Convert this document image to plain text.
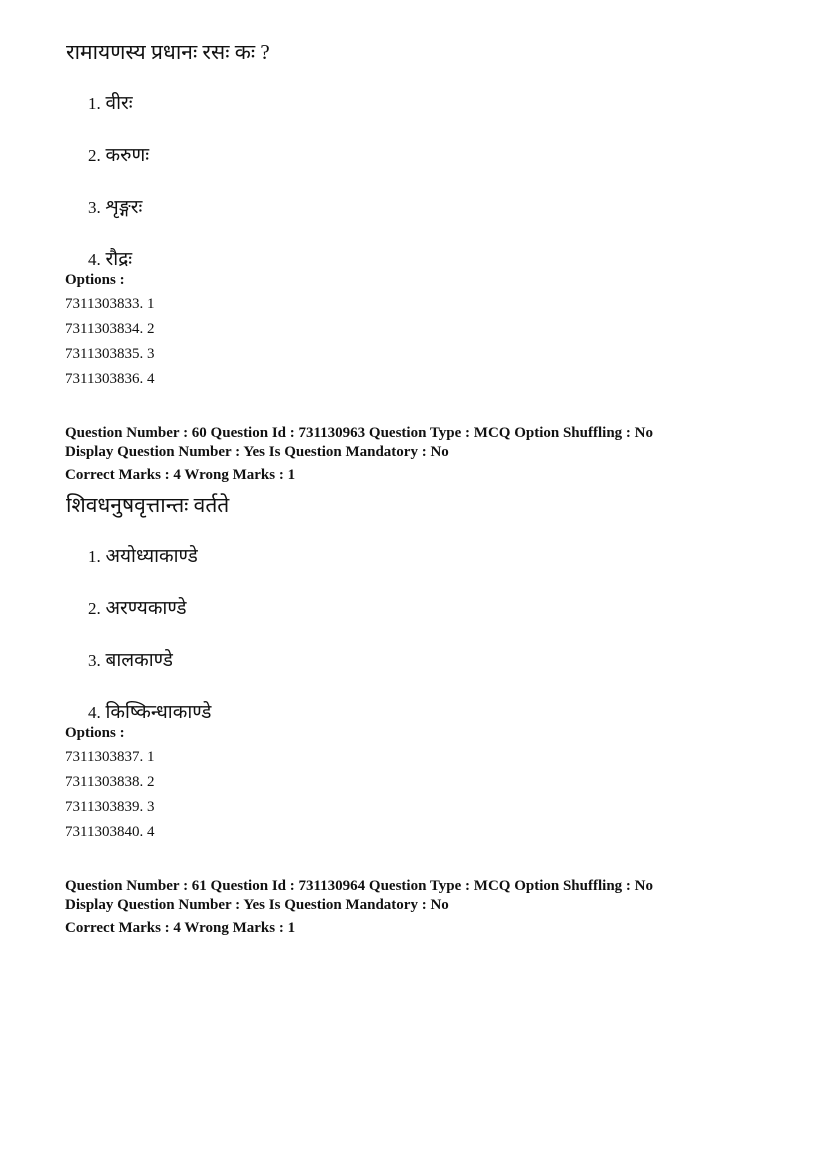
रामायणस्य प्रधानः रसः कः ?
1. वीरः
2. करुणः
3. शृङ्गरः
4. रौद्रः
Options :
7311303833. 1
7311303834. 2
7311303835. 3
7311303836. 4
Question Number : 60 Question Id : 731130963 Question Type : MCQ Option Shuffling : No
Display Question Number : Yes Is Question Mandatory : No
Correct Marks : 4 Wrong Marks : 1
शिवधनुषवृत्तान्तः वर्तते
1. अयोध्याकाण्डे
2. अरण्यकाण्डे
3. बालकाण्डे
4. किष्किन्धाकाण्डे
Options :
7311303837. 1
7311303838. 2
7311303839. 3
7311303840. 4
Question Number : 61 Question Id : 731130964 Question Type : MCQ Option Shuffling : No
Display Question Number : Yes Is Question Mandatory : No
Correct Marks : 4 Wrong Marks : 1
